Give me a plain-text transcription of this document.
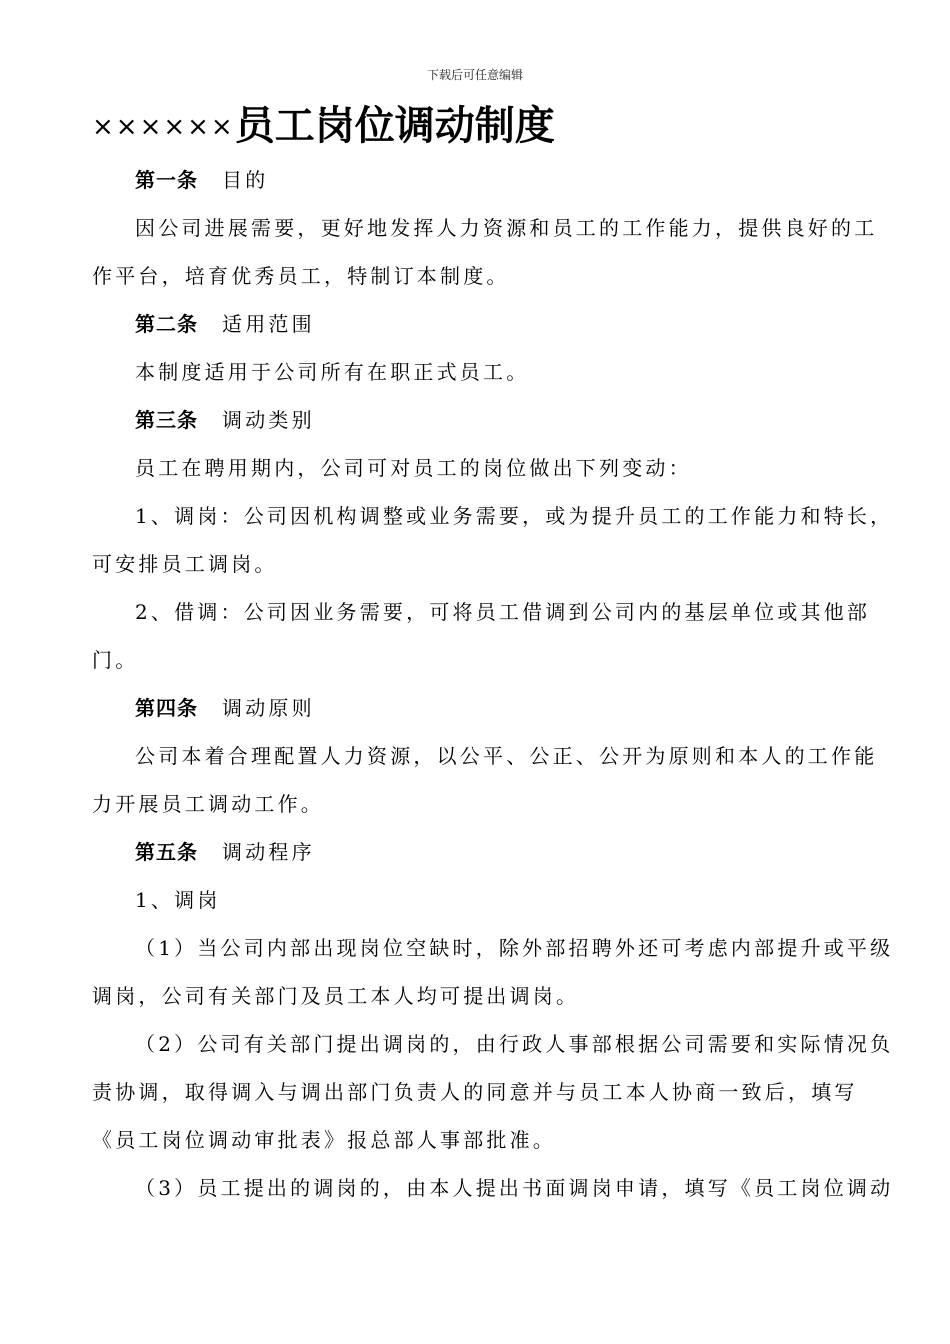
下载后可任意编辑
××××××员工岗位调动制度
第一条 目的
因公司进展需要，更好地发挥人力资源和员工的工作能力，提供良好的工
作平台，培育优秀员工，特制订本制度。
第二条 适用范围
本制度适用于公司所有在职正式员工。
第三条 调动类别
员工在聘用期内，公司可对员工的岗位做出下列变动：
1、调岗：公司因机构调整或业务需要，或为提升员工的工作能力和特长，
可安排员工调岗。
2、借调：公司因业务需要，可将员工借调到公司内的基层单位或其他部
门。
第四条 调动原则
公司本着合理配置人力资源，以公平、公正、公开为原则和本人的工作能
力开展员工调动工作。
第五条 调动程序
1、调岗
（1）当公司内部出现岗位空缺时，除外部招聘外还可考虑内部提升或平级
调岗，公司有关部门及员工本人均可提出调岗。
（2）公司有关部门提出调岗的，由行政人事部根据公司需要和实际情况负
责协调，取得调入与调出部门负责人的同意并与员工本人协商一致后，填写
《员工岗位调动审批表》报总部人事部批准。
（3）员工提出的调岗的，由本人提出书面调岗申请，填写《员工岗位调动
